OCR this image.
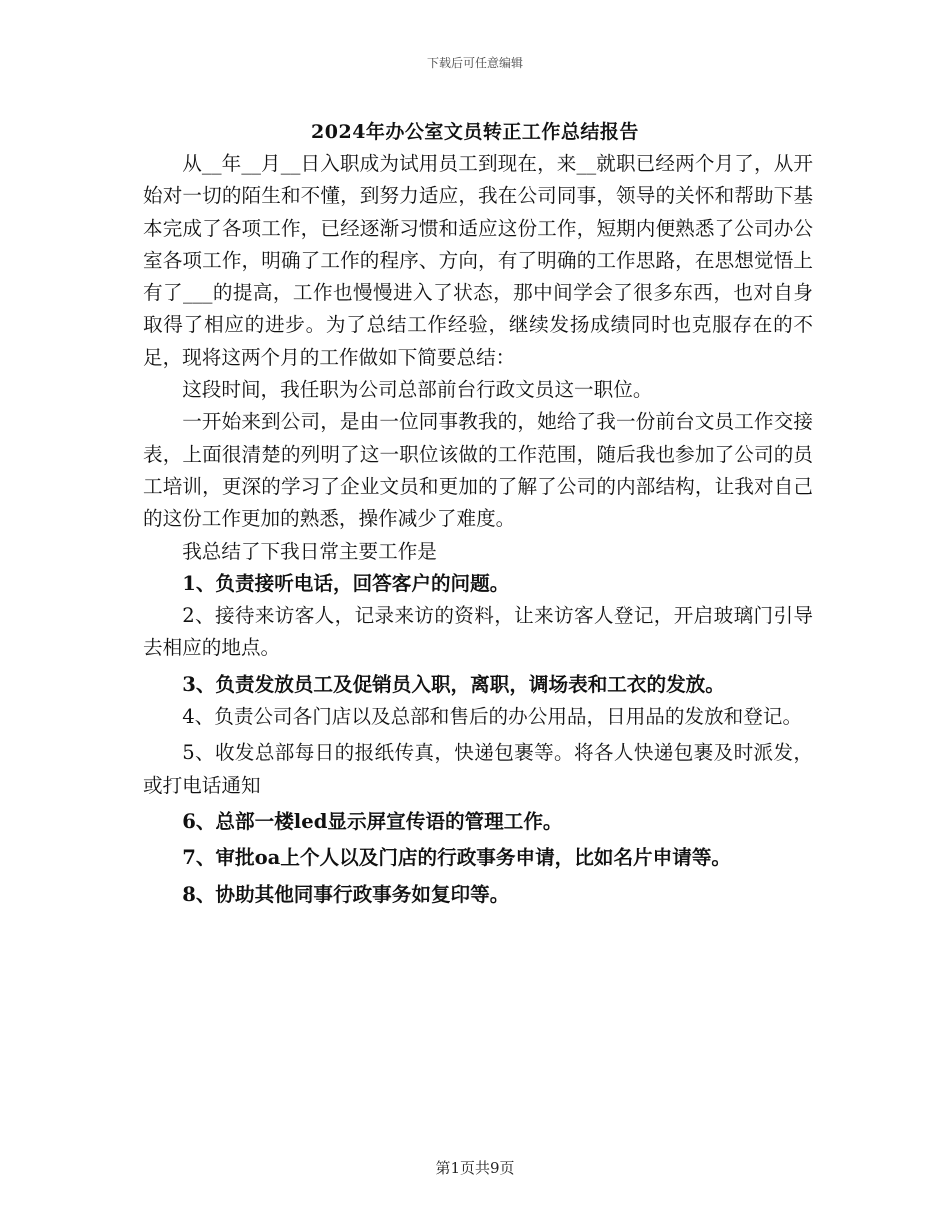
下载后可任意编辑
2024年办公室文员转正工作总结报告

从__年__月__日入职成为试用员工到现在，来__就职已经两个月了，从开始对一切的陌生和不懂，到努力适应，我在公司同事，领导的关怀和帮助下基本完成了各项工作，已经逐渐习惯和适应这份工作，短期内便熟悉了公司办公室各项工作，明确了工作的程序、方向，有了明确的工作思路，在思想觉悟上有了___的提高，工作也慢慢进入了状态，那中间学会了很多东西，也对自身取得了相应的进步。为了总结工作经验，继续发扬成绩同时也克服存在的不足，现将这两个月的工作做如下简要总结：

这段时间，我任职为公司总部前台行政文员这一职位。

一开始来到公司，是由一位同事教我的，她给了我一份前台文员工作交接表，上面很清楚的列明了这一职位该做的工作范围，随后我也参加了公司的员工培训，更深的学习了企业文员和更加的了解了公司的内部结构，让我对自己的这份工作更加的熟悉，操作减少了难度。

我总结了下我日常主要工作是

1、负责接听电话，回答客户的问题。

2、接待来访客人，记录来访的资料，让来访客人登记，开启玻璃门引导去相应的地点。

3、负责发放员工及促销员入职，离职，调场表和工衣的发放。

4、负责公司各门店以及总部和售后的办公用品，日用品的发放和登记。

5、收发总部每日的报纸传真，快递包裹等。将各人快递包裹及时派发，或打电话通知

6、总部一楼led显示屏宣传语的管理工作。

7、审批oa上个人以及门店的行政事务申请，比如名片申请等。

8、协助其他同事行政事务如复印等。

第1页共9页
